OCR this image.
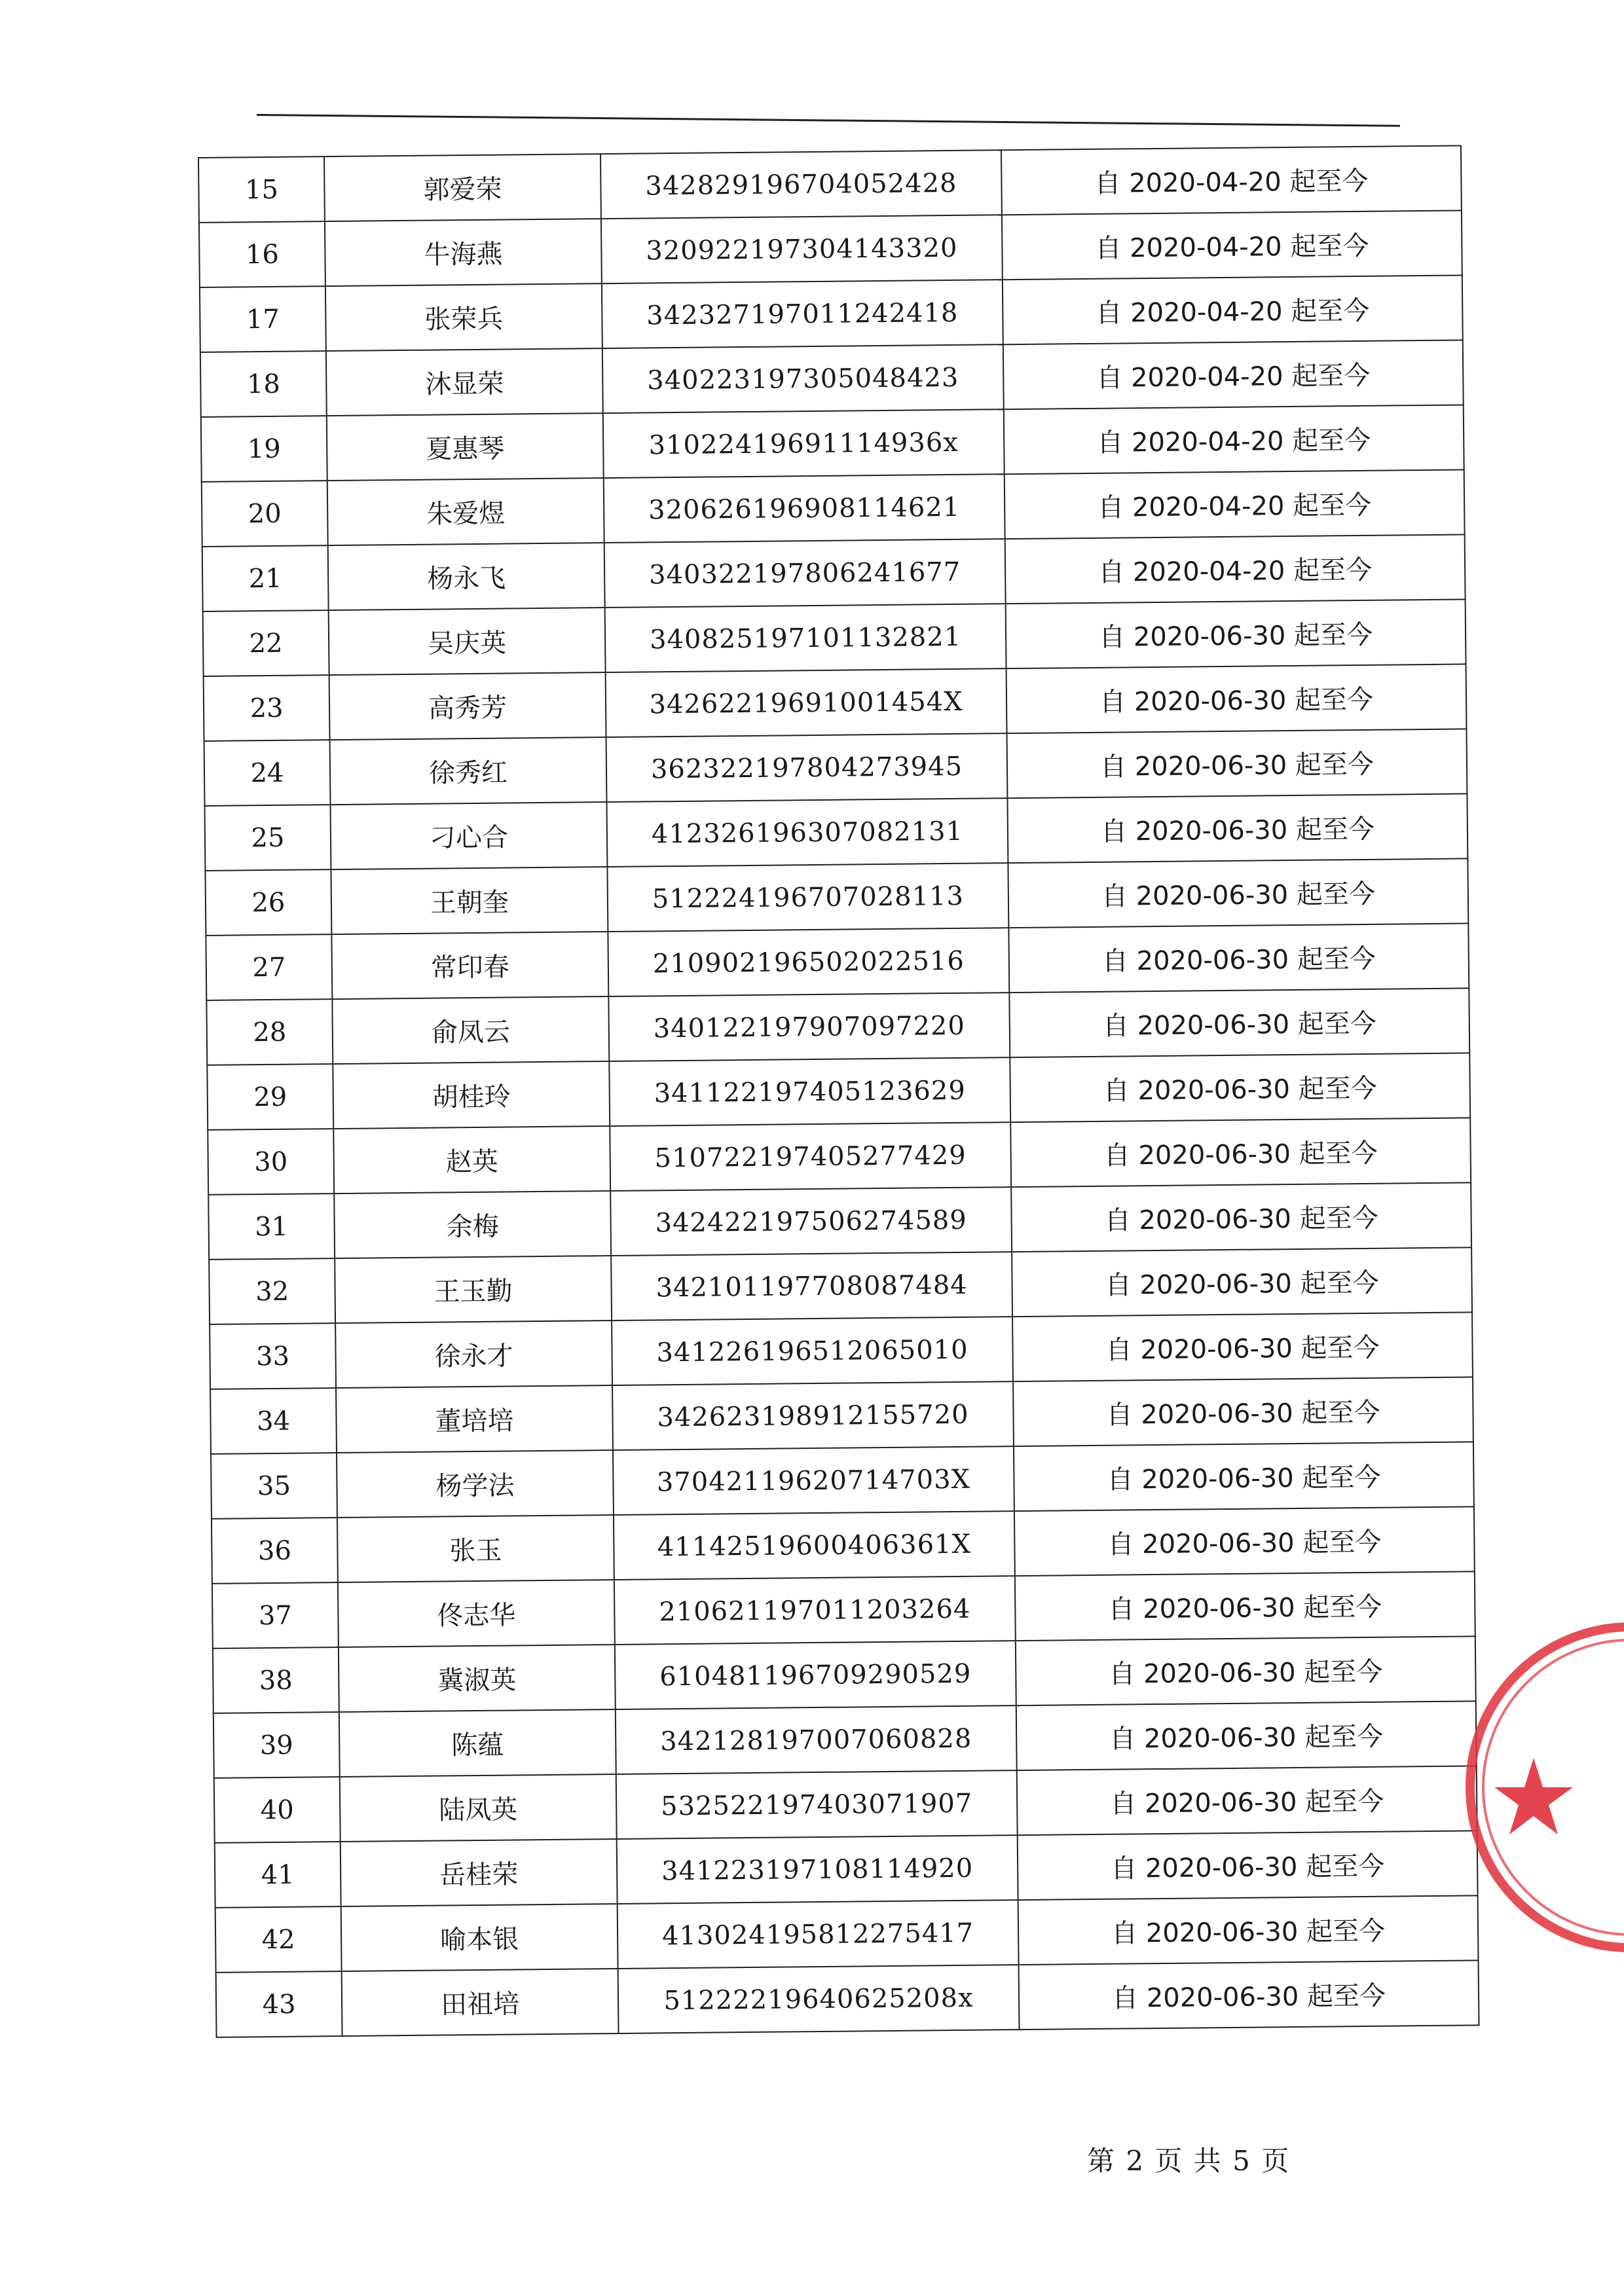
15	郭爱荣	342829196704052428	自 2020-04-20 起至今
16	牛海燕	320922197304143320	自 2020-04-20 起至今
17	张荣兵	342327197011242418	自 2020-04-20 起至今
18	沐显荣	340223197305048423	自 2020-04-20 起至今
19	夏惠琴	31022419691114936x	自 2020-04-20 起至今
20	朱爱煜	320626196908114621	自 2020-04-20 起至今
21	杨永飞	340322197806241677	自 2020-04-20 起至今
22	吴庆英	340825197101132821	自 2020-06-30 起至今
23	高秀芳	34262219691001454X	自 2020-06-30 起至今
24	徐秀红	362322197804273945	自 2020-06-30 起至今
25	刁心合	412326196307082131	自 2020-06-30 起至今
26	王朝奎	512224196707028113	自 2020-06-30 起至今
27	常印春	210902196502022516	自 2020-06-30 起至今
28	俞凤云	340122197907097220	自 2020-06-30 起至今
29	胡桂玲	341122197405123629	自 2020-06-30 起至今
30	赵英	510722197405277429	自 2020-06-30 起至今
31	余梅	342422197506274589	自 2020-06-30 起至今
32	王玉勤	342101197708087484	自 2020-06-30 起至今
33	徐永才	341226196512065010	自 2020-06-30 起至今
34	董培培	342623198912155720	自 2020-06-30 起至今
35	杨学法	37042119620714703X	自 2020-06-30 起至今
36	张玉	41142519600406361X	自 2020-06-30 起至今
37	佟志华	210621197011203264	自 2020-06-30 起至今
38	冀淑英	610481196709290529	自 2020-06-30 起至今
39	陈蕴	342128197007060828	自 2020-06-30 起至今
40	陆凤英	532522197403071907	自 2020-06-30 起至今
41	岳桂荣	341223197108114920	自 2020-06-30 起至今
42	喻本银	413024195812275417	自 2020-06-30 起至今
43	田祖培	51222219640625208x	自 2020-06-30 起至今
第 2 页 共 5 页
